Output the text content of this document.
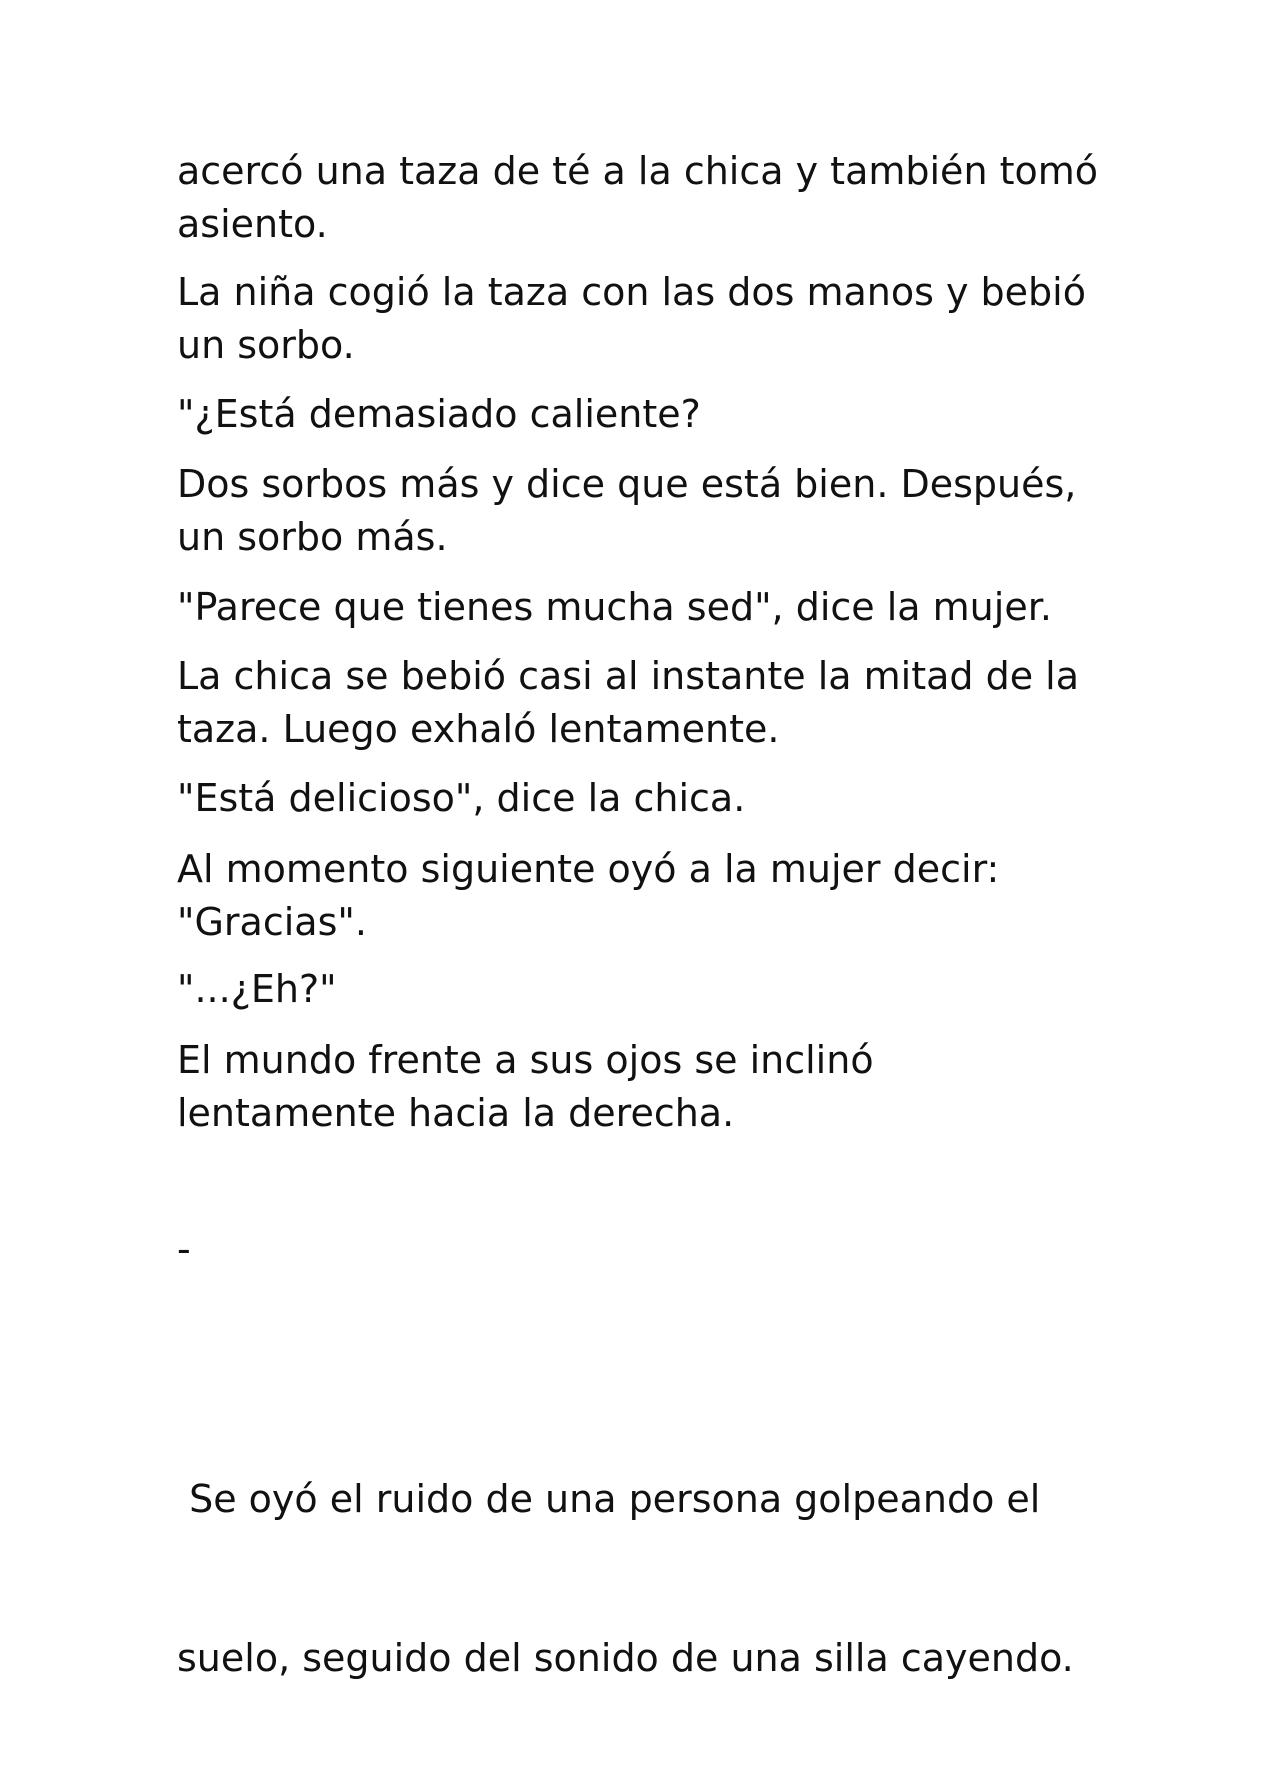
acercó una taza de té a la chica y también tomó
asiento.

La niña cogió la taza con las dos manos y bebió
un sorbo.

"¿Está demasiado caliente?

Dos sorbos más y dice que está bien. Después,
un sorbo más.

"Parece que tienes mucha sed", dice la mujer.

La chica se bebió casi al instante la mitad de la
taza. Luego exhaló lentamente.

"Está delicioso", dice la chica.

Al momento siguiente oyó a la mujer decir:
"Gracias".

"...¿Eh?"

El mundo frente a sus ojos se inclinó
lentamente hacia la derecha.

-

Se oyó el ruido de una persona golpeando el

suelo, seguido del sonido de una silla cayendo.
